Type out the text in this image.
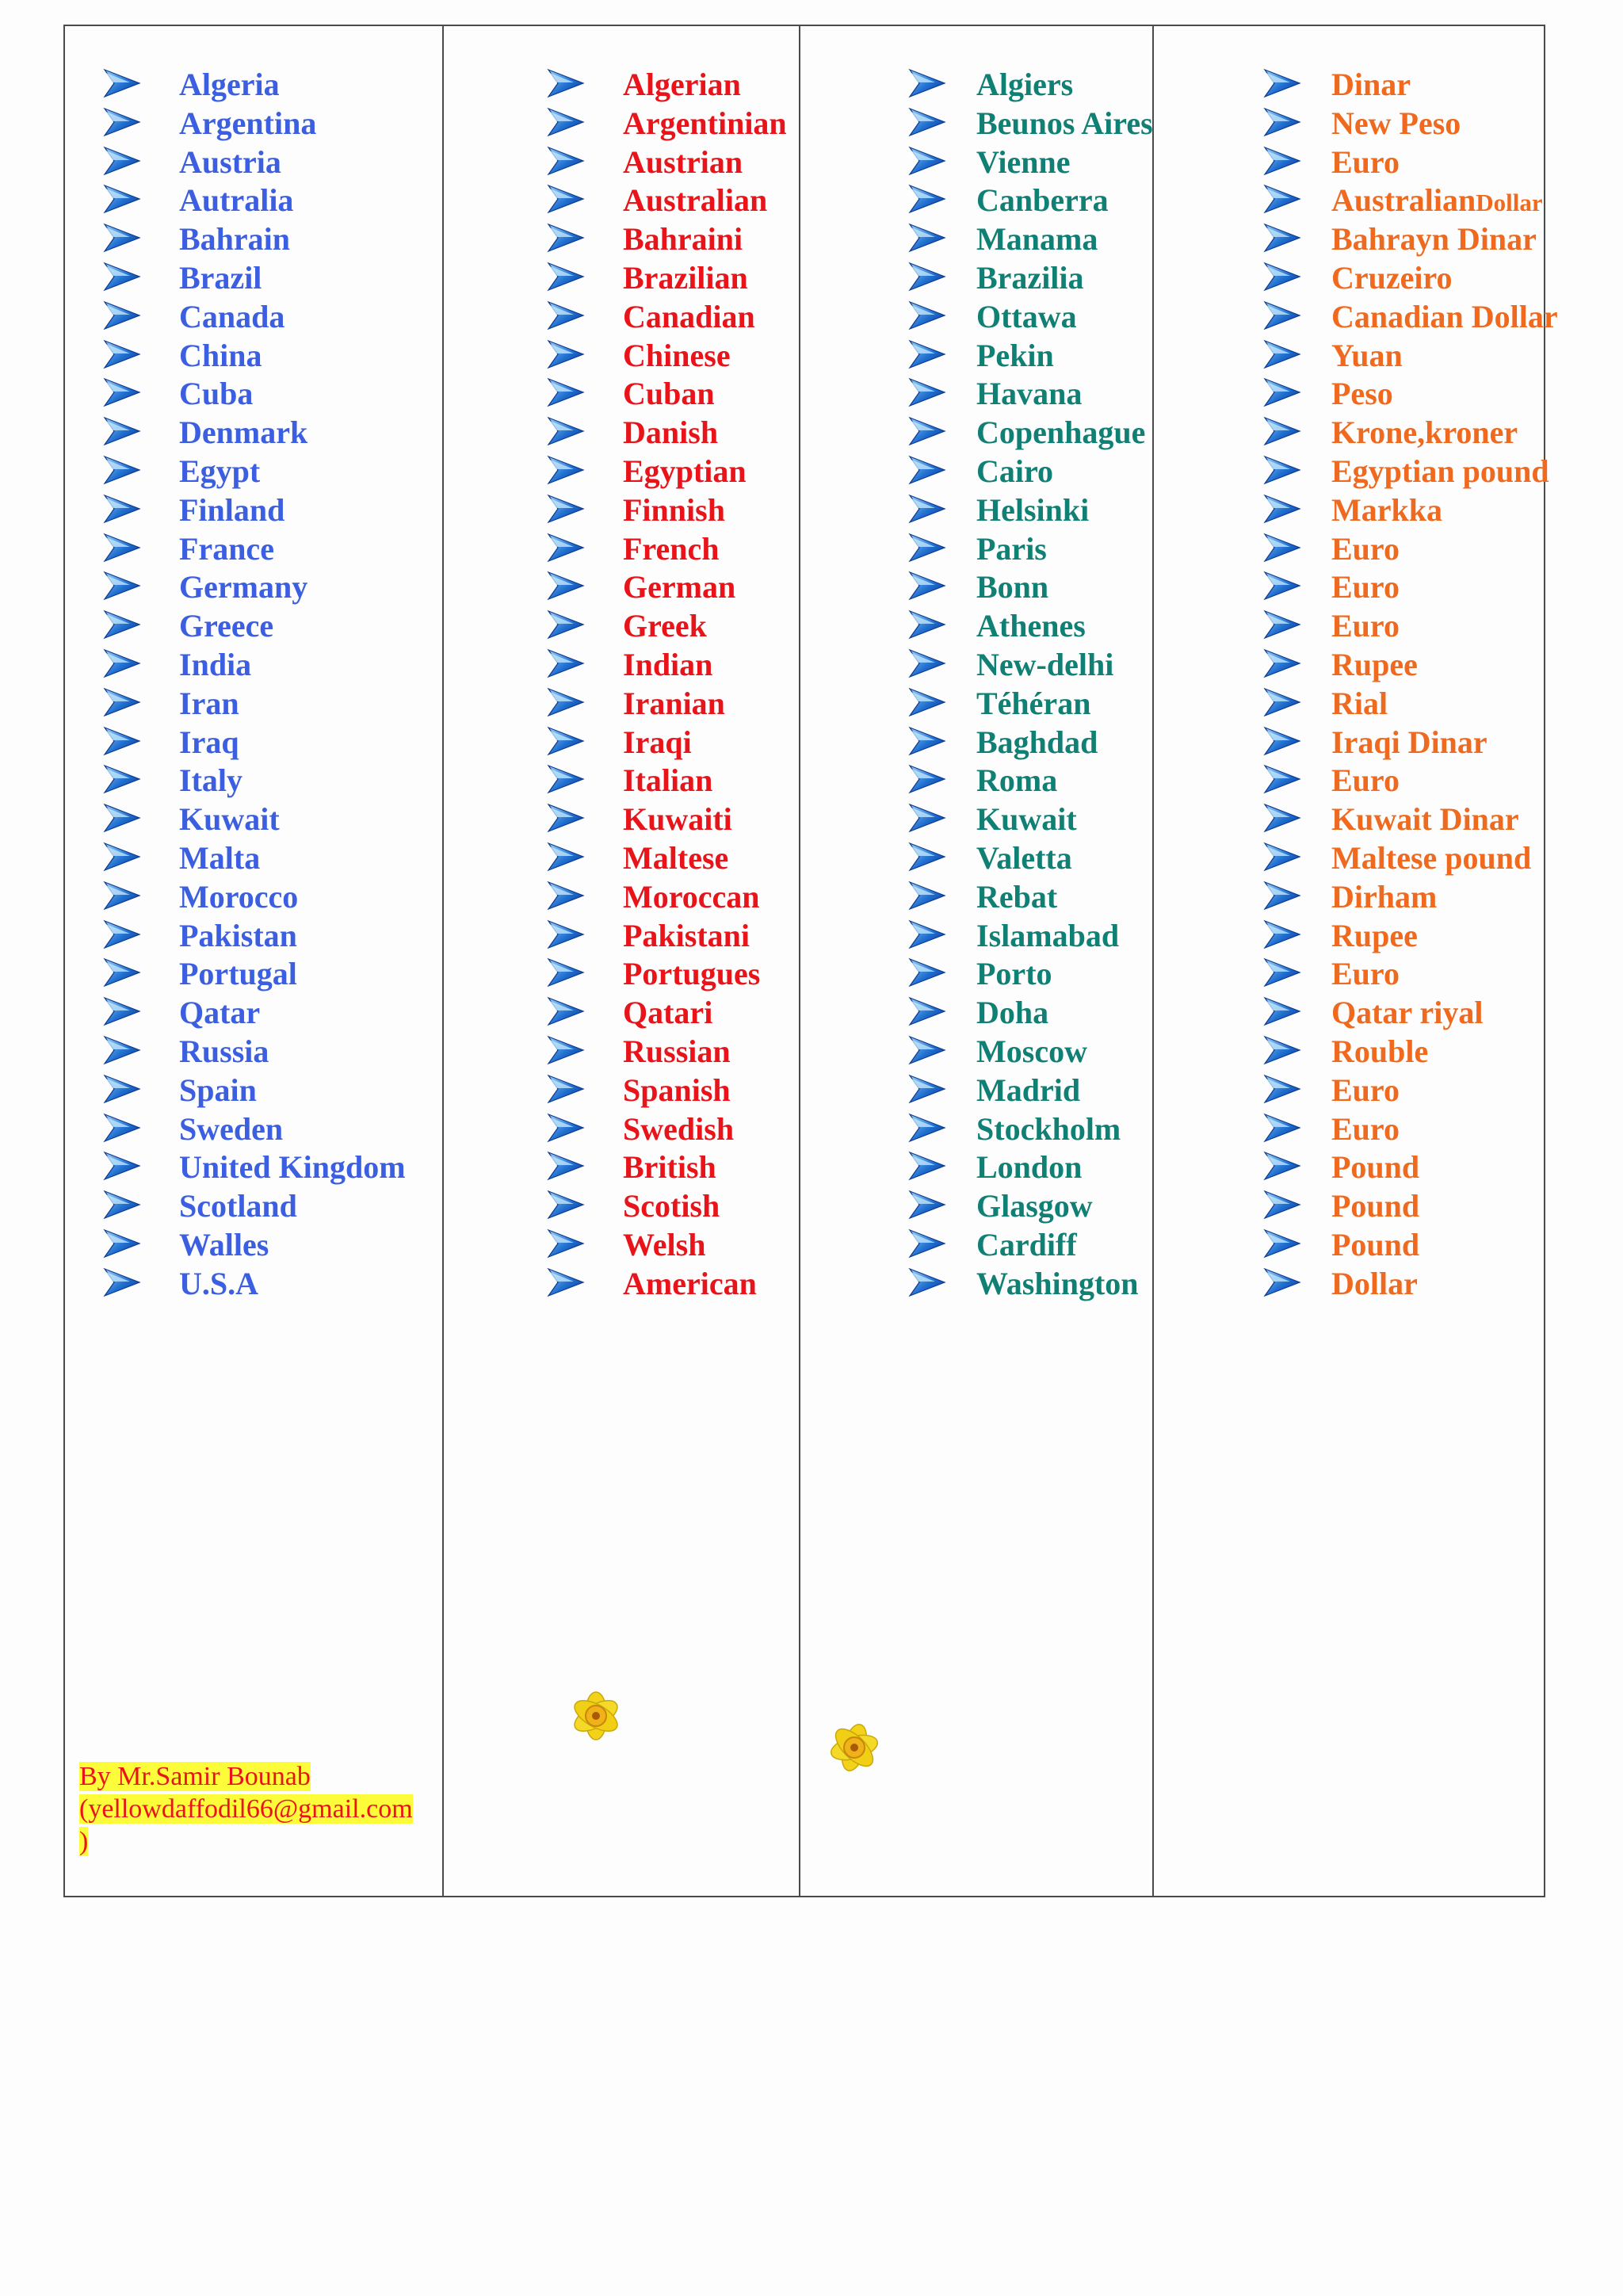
Algeria
Argentina
Austria
Autralia
Bahrain
Brazil
Canada
China
Cuba
Denmark
Egypt
Finland
France
Germany
Greece
India
Iran
Iraq
Italy
Kuwait
Malta
Morocco
Pakistan
Portugal
Qatar
Russia
Spain
Sweden
United Kingdom
Scotland
Walles
U.S.A
By Mr.Samir Bounab
(yellowdaffodil66@gmail.com
)
Algerian
Argentinian
Austrian
Australian
Bahraini
Brazilian
Canadian
Chinese
Cuban
Danish
Egyptian
Finnish
French
German
Greek
Indian
Iranian
Iraqi
Italian
Kuwaiti
Maltese
Moroccan
Pakistani
Portugues
Qatari
Russian
Spanish
Swedish
British
Scotish
Welsh
American
Algiers
Beunos Aires
Vienne
Canberra
Manama
Brazilia
Ottawa
Pekin
Havana
Copenhague
Cairo
Helsinki
Paris
Bonn
Athenes
New-delhi
Téhéran
Baghdad
Roma
Kuwait
Valetta
Rebat
Islamabad
Porto
Doha
Moscow
Madrid
Stockholm
London
Glasgow
Cardiff
Washington
Dinar
New Peso
Euro
AustralianDollar
Bahrayn Dinar
Cruzeiro
Canadian Dollar
Yuan
Peso
Krone,kroner
Egyptian pound
Markka
Euro
Euro
Euro
Rupee
Rial
Iraqi Dinar
Euro
Kuwait Dinar
Maltese pound
Dirham
Rupee
Euro
Qatar riyal
Rouble
Euro
Euro
Pound
Pound
Pound
Dollar
